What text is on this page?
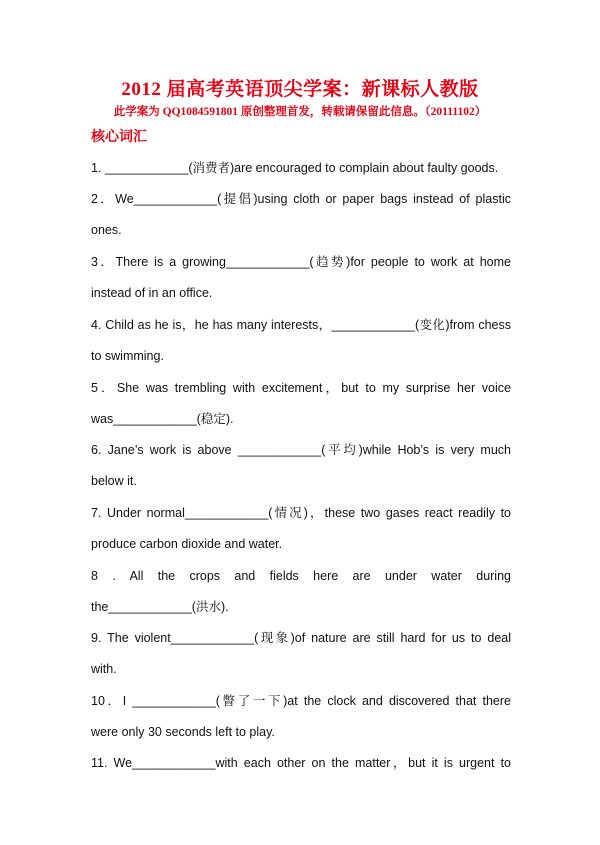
2012 届高考英语顶尖学案：新课标人教版
此学案为 QQ1084591801 原创整理首发，转载请保留此信息。（20111102）
核心词汇
1. ____________(消费者)are encouraged to complain about faulty goods.
2．We____________(提倡)using cloth or paper bags instead of plastic
ones.
3．There is a growing____________(趋势)for people to work at home
instead of in an office.
4. Child as he is，he has many interests，____________(变化)from chess
to swimming.
5．She was trembling with excitement，but to my surprise her voice
was____________(稳定).
6. Jane’s work is above ____________(平均)while Hob’s is very much
below it.
7. Under normal____________(情况)，these two gases react readily to
produce carbon dioxide and water.
8 . All the crops and fields here are under water during
the____________(洪水).
9. The violent____________(现象)of nature are still hard for us to deal
with.
10．I ____________(瞥了一下)at the clock and discovered that there
were only 30 seconds left to play.
11. We____________with each other on the matter，but it is urgent to
